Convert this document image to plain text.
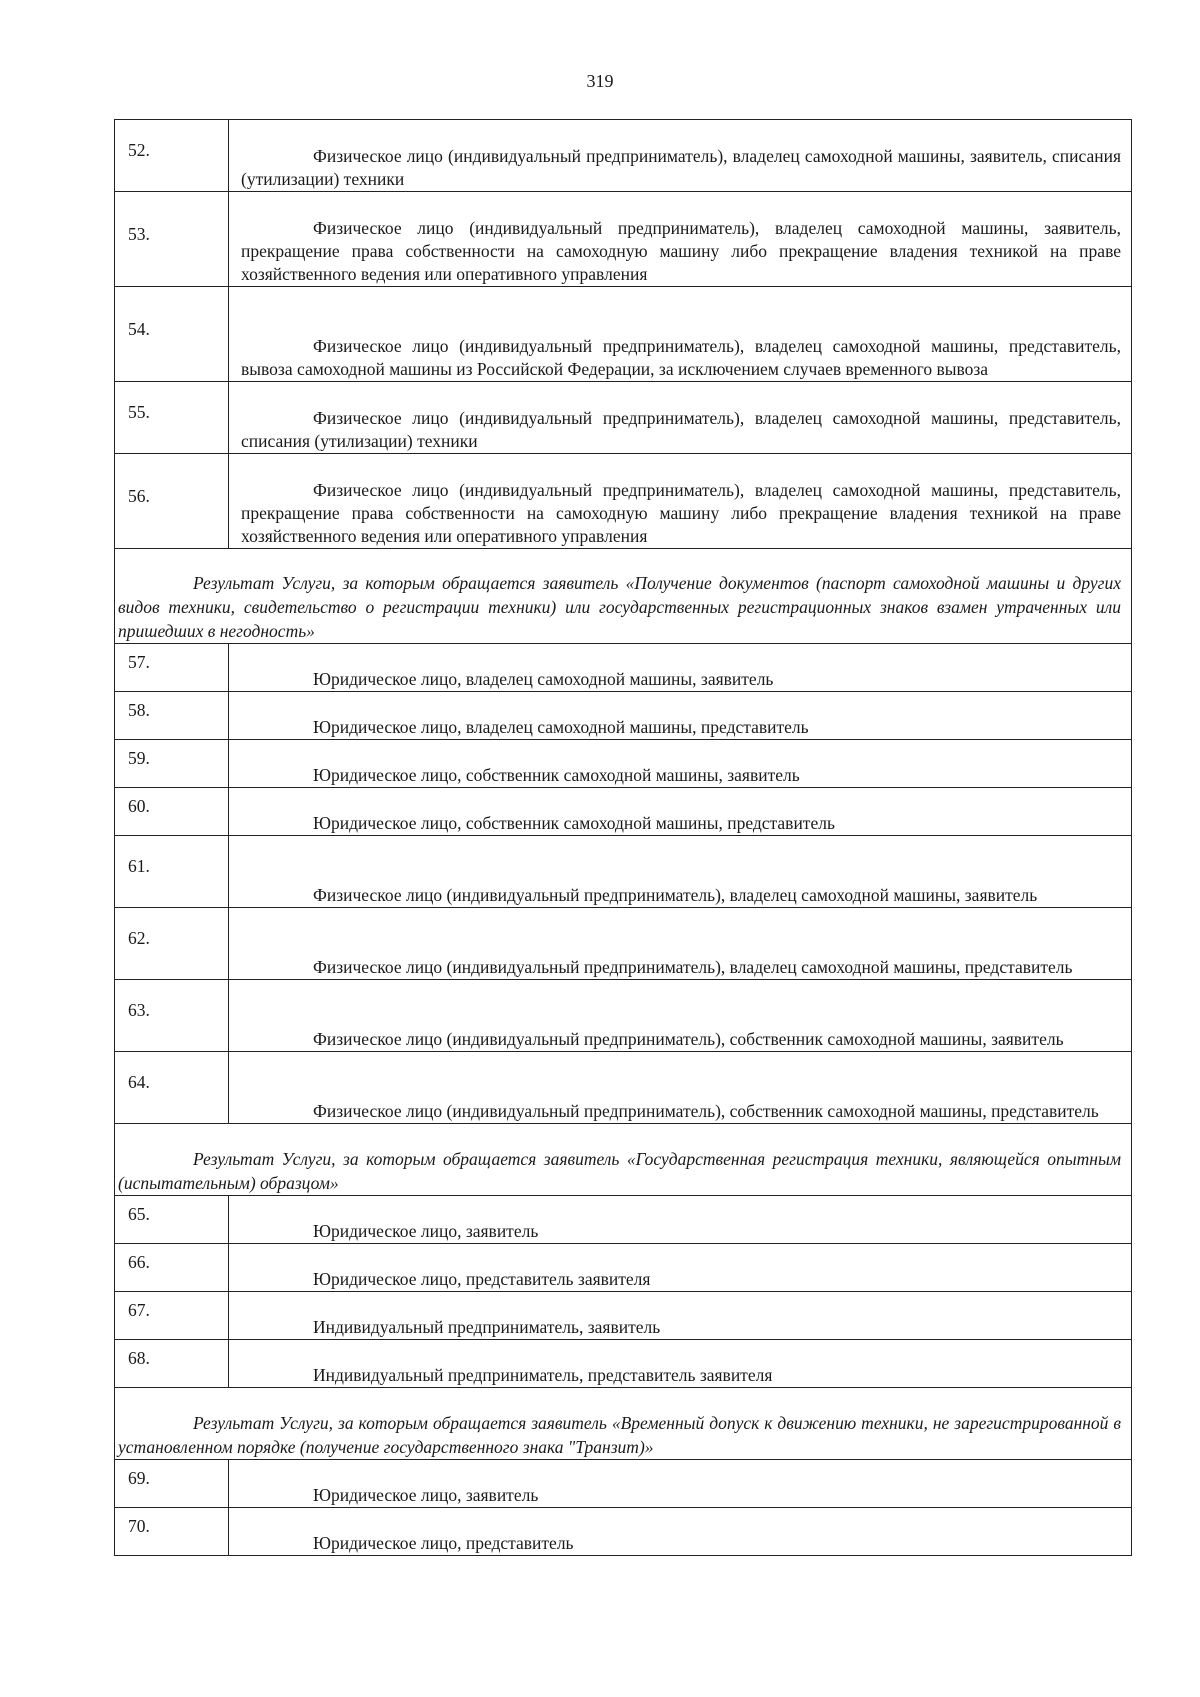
319
52.	Физическое лицо (индивидуальный предприниматель), владелец самоходной машины, заявитель, списания (утилизации) техники

53.	Физическое лицо (индивидуальный предприниматель), владелец самоходной машины, заявитель, прекращение права собственности на самоходную машину либо прекращение владения техникой на праве хозяйственного ведения или оперативного управления

54.	Физическое лицо (индивидуальный предприниматель), владелец самоходной машины, представитель, вывоза самоходной машины из Российской Федерации, за исключением случаев временного вывоза

55.	Физическое лицо (индивидуальный предприниматель), владелец самоходной машины, представитель, списания (утилизации) техники

56.	Физическое лицо (индивидуальный предприниматель), владелец самоходной машины, представитель, прекращение права собственности на самоходную машину либо прекращение владения техникой на праве хозяйственного ведения или оперативного управления

Результат Услуги, за которым обращается заявитель «Получение документов (паспорт самоходной машины и других видов техники, свидетельство о регистрации техники) или государственных регистрационных знаков взамен утраченных или пришедших в негодность»	

57.	Юридическое лицо, владелец самоходной машины, заявитель

58.	Юридическое лицо, владелец самоходной машины, представитель

59.	Юридическое лицо, собственник самоходной машины, заявитель

60.	Юридическое лицо, собственник самоходной машины, представитель

61.	Физическое лицо (индивидуальный предприниматель), владелец самоходной машины, заявитель

62.	Физическое лицо (индивидуальный предприниматель), владелец самоходной машины, представитель

63.	Физическое лицо (индивидуальный предприниматель), собственник самоходной машины, заявитель

64.	Физическое лицо (индивидуальный предприниматель), собственник самоходной машины, представитель

Результат Услуги, за которым обращается заявитель «Государственная регистрация техники, являющейся опытным (испытательным) образцом»	

65.	Юридическое лицо, заявитель

66.	Юридическое лицо, представитель заявителя

67.	Индивидуальный предприниматель, заявитель

68.	Индивидуальный предприниматель, представитель заявителя

Результат Услуги, за которым обращается заявитель «Временный допуск к движению техники, не зарегистрированной в установленном порядке (получение государственного знака "Транзит)»	

69.	Юридическое лицо, заявитель

70.	Юридическое лицо, представитель
